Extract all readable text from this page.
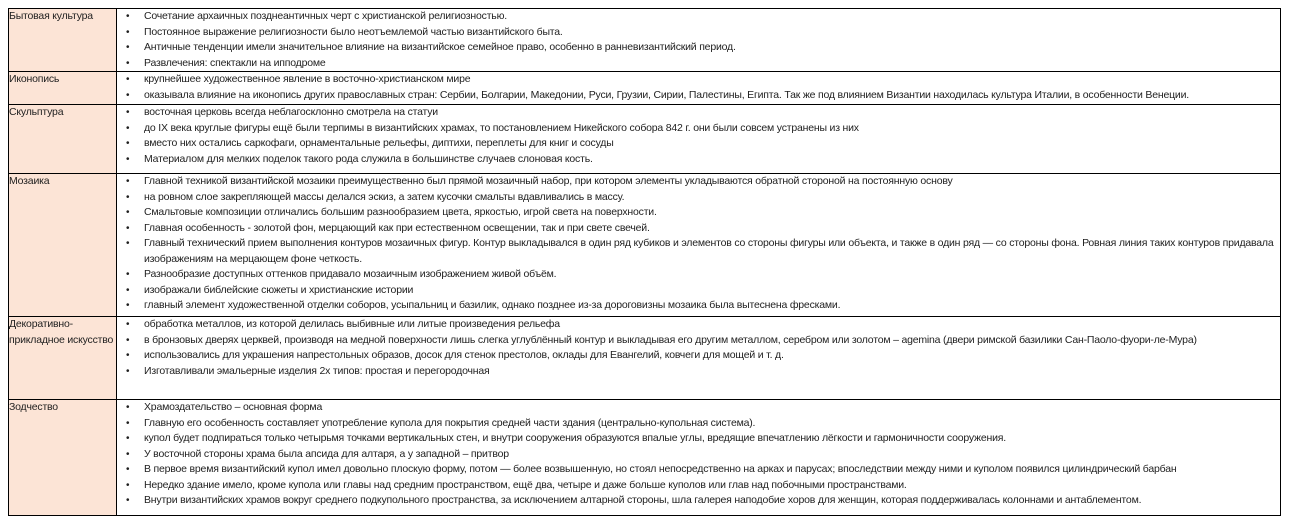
Бытовая культура	•	Сочетание архаичных позднеантичных черт с христианской религиозностью.
•	Постоянное выражение религиозности было неотъемлемой частью византийского быта.
•	Античные тенденции имели значительное влияние на византийское семейное право, особенно в ранневизантийский период.
•	Развлечения: спектакли на ипподроме

Иконопись	• крупнейшее художественное явление в восточно-христианском мире
• оказывала влияние на иконопись других православных стран: Сербии, Болгарии, Македонии, Руси, Грузии, Сирии, Палестины, Египта. Так же под влиянием Византии находилась культура Италии, в особенности Венеции.

Скульптура	•	восточная церковь всегда неблагосклонно смотрела на статуи
•	до IX века круглые фигуры ещё были терпимы в византийских храмах, то постановлением Никейского собора 842 г. они были совсем устранены из них
•	вместо них остались саркофаги, орнаментальные рельефы, диптихи, переплеты для книг и сосуды
•	Материалом для мелких поделок такого рода служила в большинстве случаев слоновая кость.

Мозаика	•	Главной техникой византийской мозаики преимущественно был прямой мозаичный набор, при котором элементы укладываются обратной стороной на постоянную основу
•	на ровном слое закрепляющей массы делался эскиз, а затем кусочки смальты вдавливались в массу.
•	Смальтовые композиции отличались большим разнообразием цвета, яркостью, игрой света на поверхности.
•	Главная особенность - золотой фон, мерцающий как при естественном освещении, так и при свете свечей.
•	Главный технический прием выполнения контуров мозаичных фигур. Контур выкладывался в один ряд кубиков и элементов со стороны фигуры или объекта, и также в один ряд — со стороны фона. Ровная линия таких контуров придавала изображениям на мерцающем фоне четкость.
•	Разнообразие доступных оттенков придавало мозаичным изображением живой объём.
•	изображали библейские сюжеты и христианские истории
•	главный элемент художественной отделки соборов, усыпальниц и базилик, однако позднее из-за дороговизны мозаика была вытеснена фресками.

Декоративно-прикладное искусство	
•	обработка металлов, из которой делилась выбивные или литые произведения рельефа
•	в бронзовых дверях церквей, производя на медной поверхности лишь слегка углублённый контур и выкладывая его другим металлом, серебром или золотом – agemina (двери римской базилики Сан-Паоло-фуори-ле-Мура)
•	использовались для украшения напрестольных образов, досок для стенок престолов, оклады для Евангелий, ковчеги для мощей и т. д.
•	Изготавливали эмальерные изделия 2х типов: простая и перегородочная

Зодчество	•	Храмоздательство – основная форма
•	Главную его особенность составляет употребление купола для покрытия средней части здания (центрально-купольная система).
•	купол будет подпираться только четырьмя точками вертикальных стен, и внутри сооружения образуются впалые углы, вредящие впечатлению лёгкости и гармоничности сооружения.
•	У восточной стороны храма была апсида для алтаря, а у западной – притвор
•	В первое время византийский купол имел довольно плоскую форму, потом — более возвышенную, но стоял непосредственно на арках и парусах; впоследствии между ними и куполом появился цилиндрический барбан
•	Нередко здание имело, кроме купола или главы над средним пространством, ещё два, четыре и даже больше куполов или глав над побочными пространствами.
•	Внутри византийских храмов вокруг среднего подкупольного пространства, за исключением алтарной стороны, шла галерея наподобие хоров для женщин, которая поддерживалась колоннами и антаблементом.
